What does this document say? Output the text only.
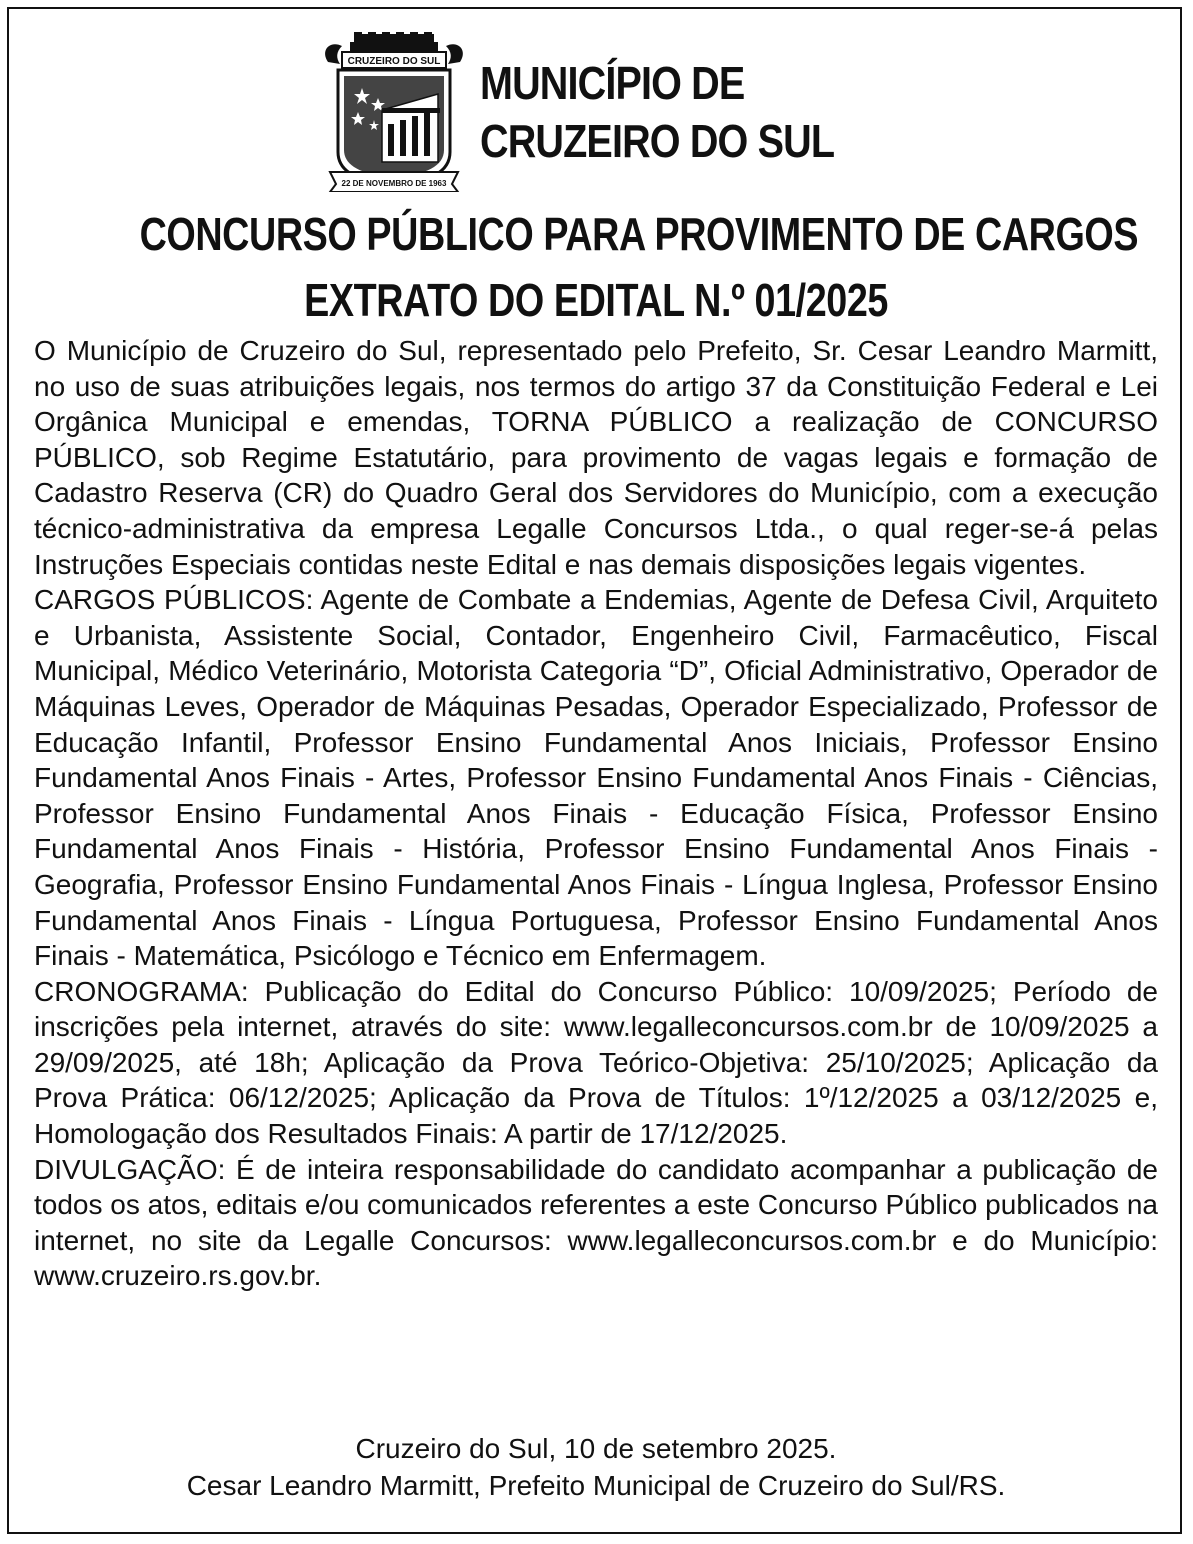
CRUZEIRO DO SUL
22 DE NOVEMBRO DE 1963
MUNICÍPIO DE
CRUZEIRO DO SUL
CONCURSO PÚBLICO PARA PROVIMENTO DE CARGOS
EXTRATO DO EDITAL N.º 01/2025

O Município de Cruzeiro do Sul, representado pelo Prefeito, Sr. Cesar Leandro Marmitt, no uso de suas atribuições legais, nos termos do artigo 37 da Constituição Federal e Lei Orgânica Municipal e emendas, TORNA PÚBLICO a realização de CONCURSO PÚBLICO, sob Regime Estatutário, para provimento de vagas legais e formação de Cadastro Reserva (CR) do Quadro Geral dos Servidores do Município, com a execução técnico-administrativa da empresa Legalle Concursos Ltda., o qual reger-se-á pelas Instruções Especiais contidas neste Edital e nas demais disposições legais vigentes.

CARGOS PÚBLICOS: Agente de Combate a Endemias, Agente de Defesa Civil, Arquiteto e Urbanista, Assistente Social, Contador, Engenheiro Civil, Farmacêutico, Fiscal Municipal, Médico Veterinário, Motorista Categoria “D”, Oficial Administrativo, Operador de Máquinas Leves, Operador de Máquinas Pesadas, Operador Especializado, Professor de Educação Infantil, Professor Ensino Fundamental Anos Iniciais, Professor Ensino Fundamental Anos Finais - Artes, Professor Ensino Fundamental Anos Finais - Ciências, Professor Ensino Fundamental Anos Finais - Educação Física, Professor Ensino Fundamental Anos Finais - História, Professor Ensino Fundamental Anos Finais - Geografia, Professor Ensino Fundamental Anos Finais - Língua Inglesa, Professor Ensino Fundamental Anos Finais - Língua Portuguesa, Professor Ensino Fundamental Anos Finais - Matemática, Psicólogo e Técnico em Enfermagem.

CRONOGRAMA: Publicação do Edital do Concurso Público: 10/09/2025; Período de inscrições pela internet, através do site: www.legalleconcursos.com.br de 10/09/2025 a 29/09/2025, até 18h; Aplicação da Prova Teórico-Objetiva: 25/10/2025; Aplicação da Prova Prática: 06/12/2025; Aplicação da Prova de Títulos: 1º/12/2025 a 03/12/2025 e, Homologação dos Resultados Finais: A partir de 17/12/2025.

DIVULGAÇÃO: É de inteira responsabilidade do candidato acompanhar a publicação de todos os atos, editais e/ou comunicados referentes a este Concurso Público publicados na internet, no site da Legalle Concursos: www.legalleconcursos.com.br e do Município: www.cruzeiro.rs.gov.br.

Cruzeiro do Sul, 10 de setembro 2025.
Cesar Leandro Marmitt, Prefeito Municipal de Cruzeiro do Sul/RS.
